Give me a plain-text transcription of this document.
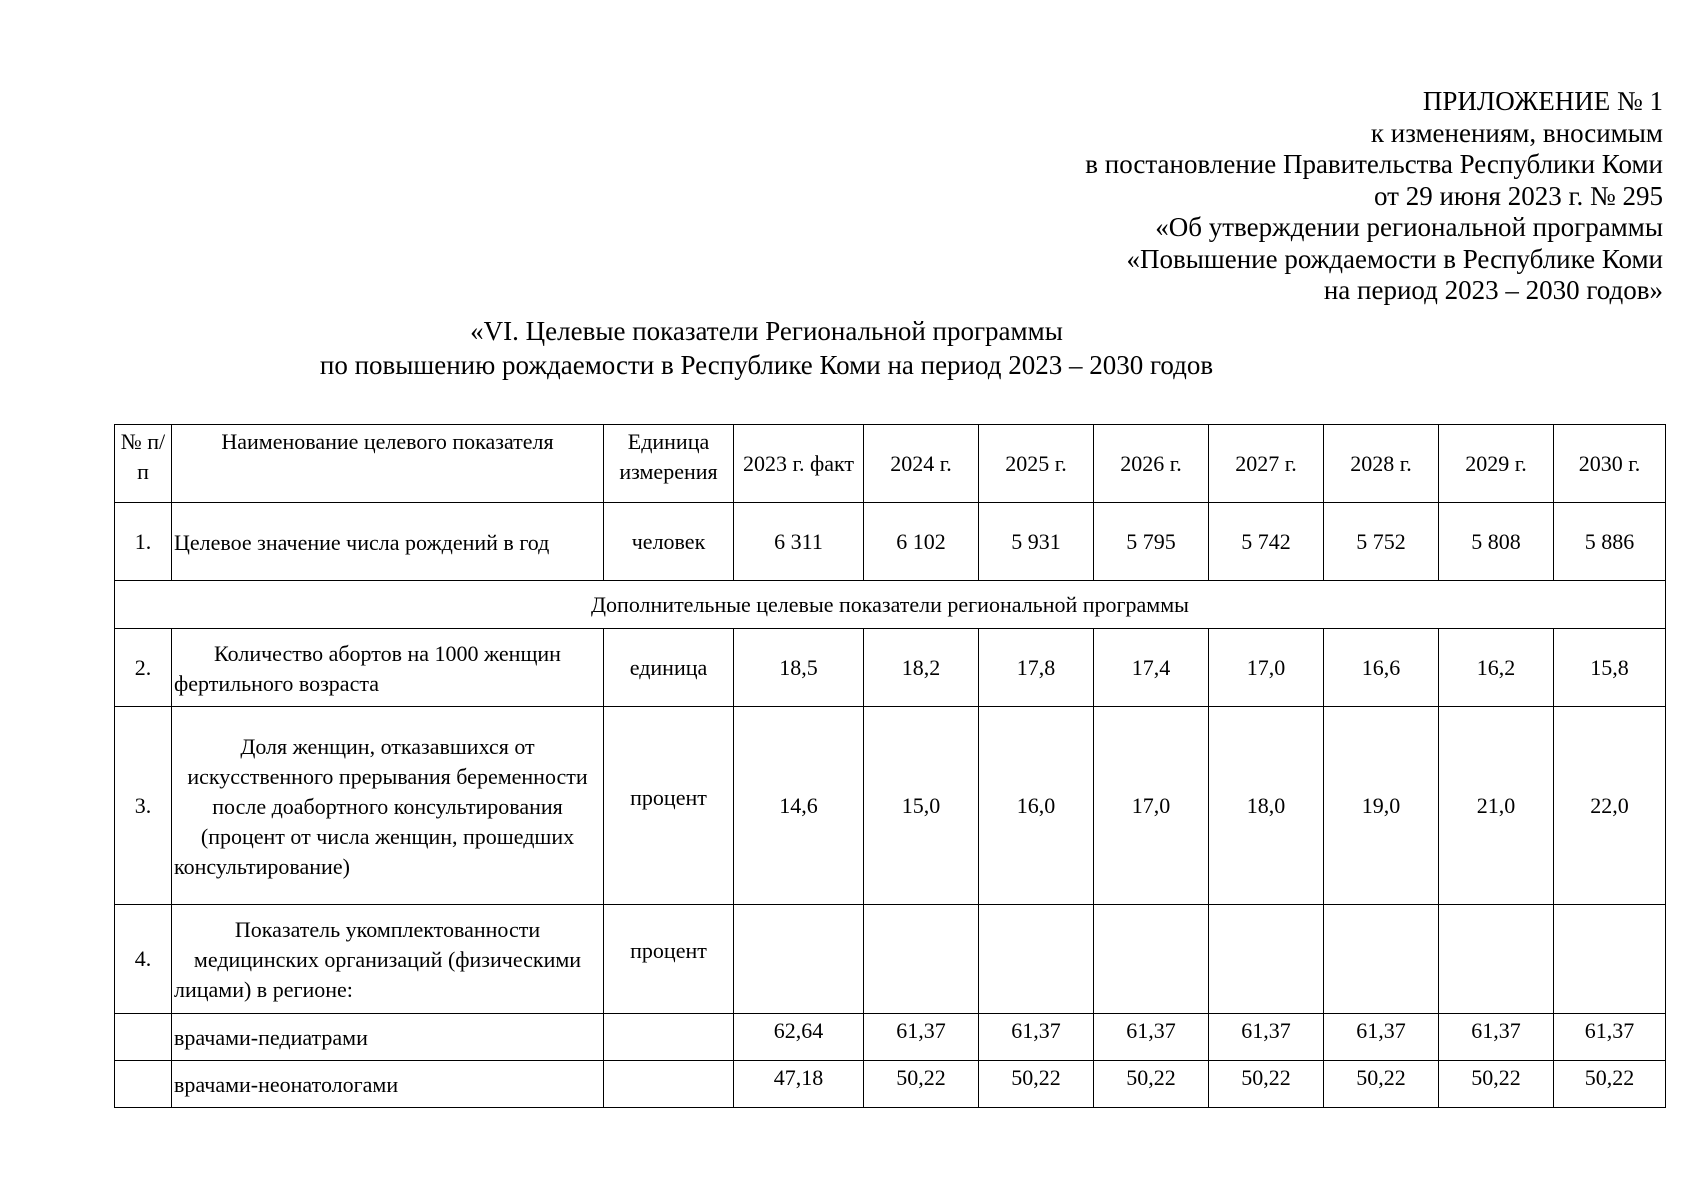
ПРИЛОЖЕНИЕ № 1
к изменениям, вносимым
в постановление Правительства Республики Коми
от 29 июня 2023 г. № 295
«Об утверждении региональной программы
«Повышение рождаемости в Республике Коми
на период 2023 – 2030 годов»
«VI. Целевые показатели Региональной программы
по повышению рождаемости в Республике Коми на период 2023 – 2030 годов
№ п/п	Наименование целевого показателя	Единица измерения	2023 г. факт	2024 г.	2025 г.	2026 г.	2027 г.	2028 г.	2029 г.	2030 г.
1.	Целевое значение числа рождений в год	человек	6 311	6 102	5 931	5 795	5 742	5 752	5 808	5 886
Дополнительные целевые показатели региональной программы										
2.	Количество абортов на 1000 женщин фертильного возраста	единица	18,5	18,2	17,8	17,4	17,0	16,6	16,2	15,8
3.	Доля женщин, отказавшихся от искусственного прерывания беременности после доабортного консультирования (процент от числа женщин, прошедших консультирование)	процент	14,6	15,0	16,0	17,0	18,0	19,0	21,0	22,0
4.	Показатель укомплектованности медицинских организаций (физическими лицами) в регионе:	процент								
	врачами-педиатрами		62,64	61,37	61,37	61,37	61,37	61,37	61,37	61,37
	врачами-неонатологами		47,18	50,22	50,22	50,22	50,22	50,22	50,22	50,22
